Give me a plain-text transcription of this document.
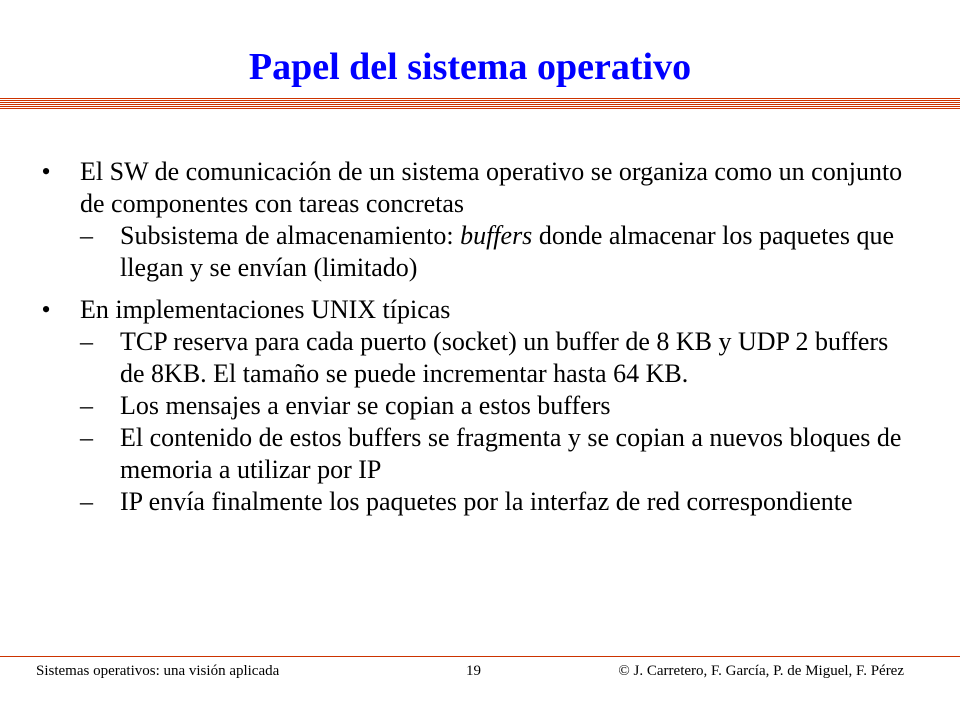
Papel del sistema operativo
• El SW de comunicación de un sistema operativo se organiza como un conjunto de componentes con tareas concretas
– Subsistema de almacenamiento: buffers donde almacenar los paquetes que llegan y se envían (limitado)
• En implementaciones UNIX típicas
– TCP reserva para cada puerto (socket) un buffer de 8 KB y UDP 2 buffers de 8KB. El tamaño se puede incrementar hasta 64 KB.
– Los mensajes a enviar se copian a estos buffers
– El contenido de estos buffers se fragmenta y se copian a nuevos bloques de memoria a utilizar por IP
– IP envía finalmente los paquetes por la interfaz de red correspondiente
Sistemas operativos: una visión aplicada	19	© J. Carretero, F. García, P. de Miguel, F. Pérez
